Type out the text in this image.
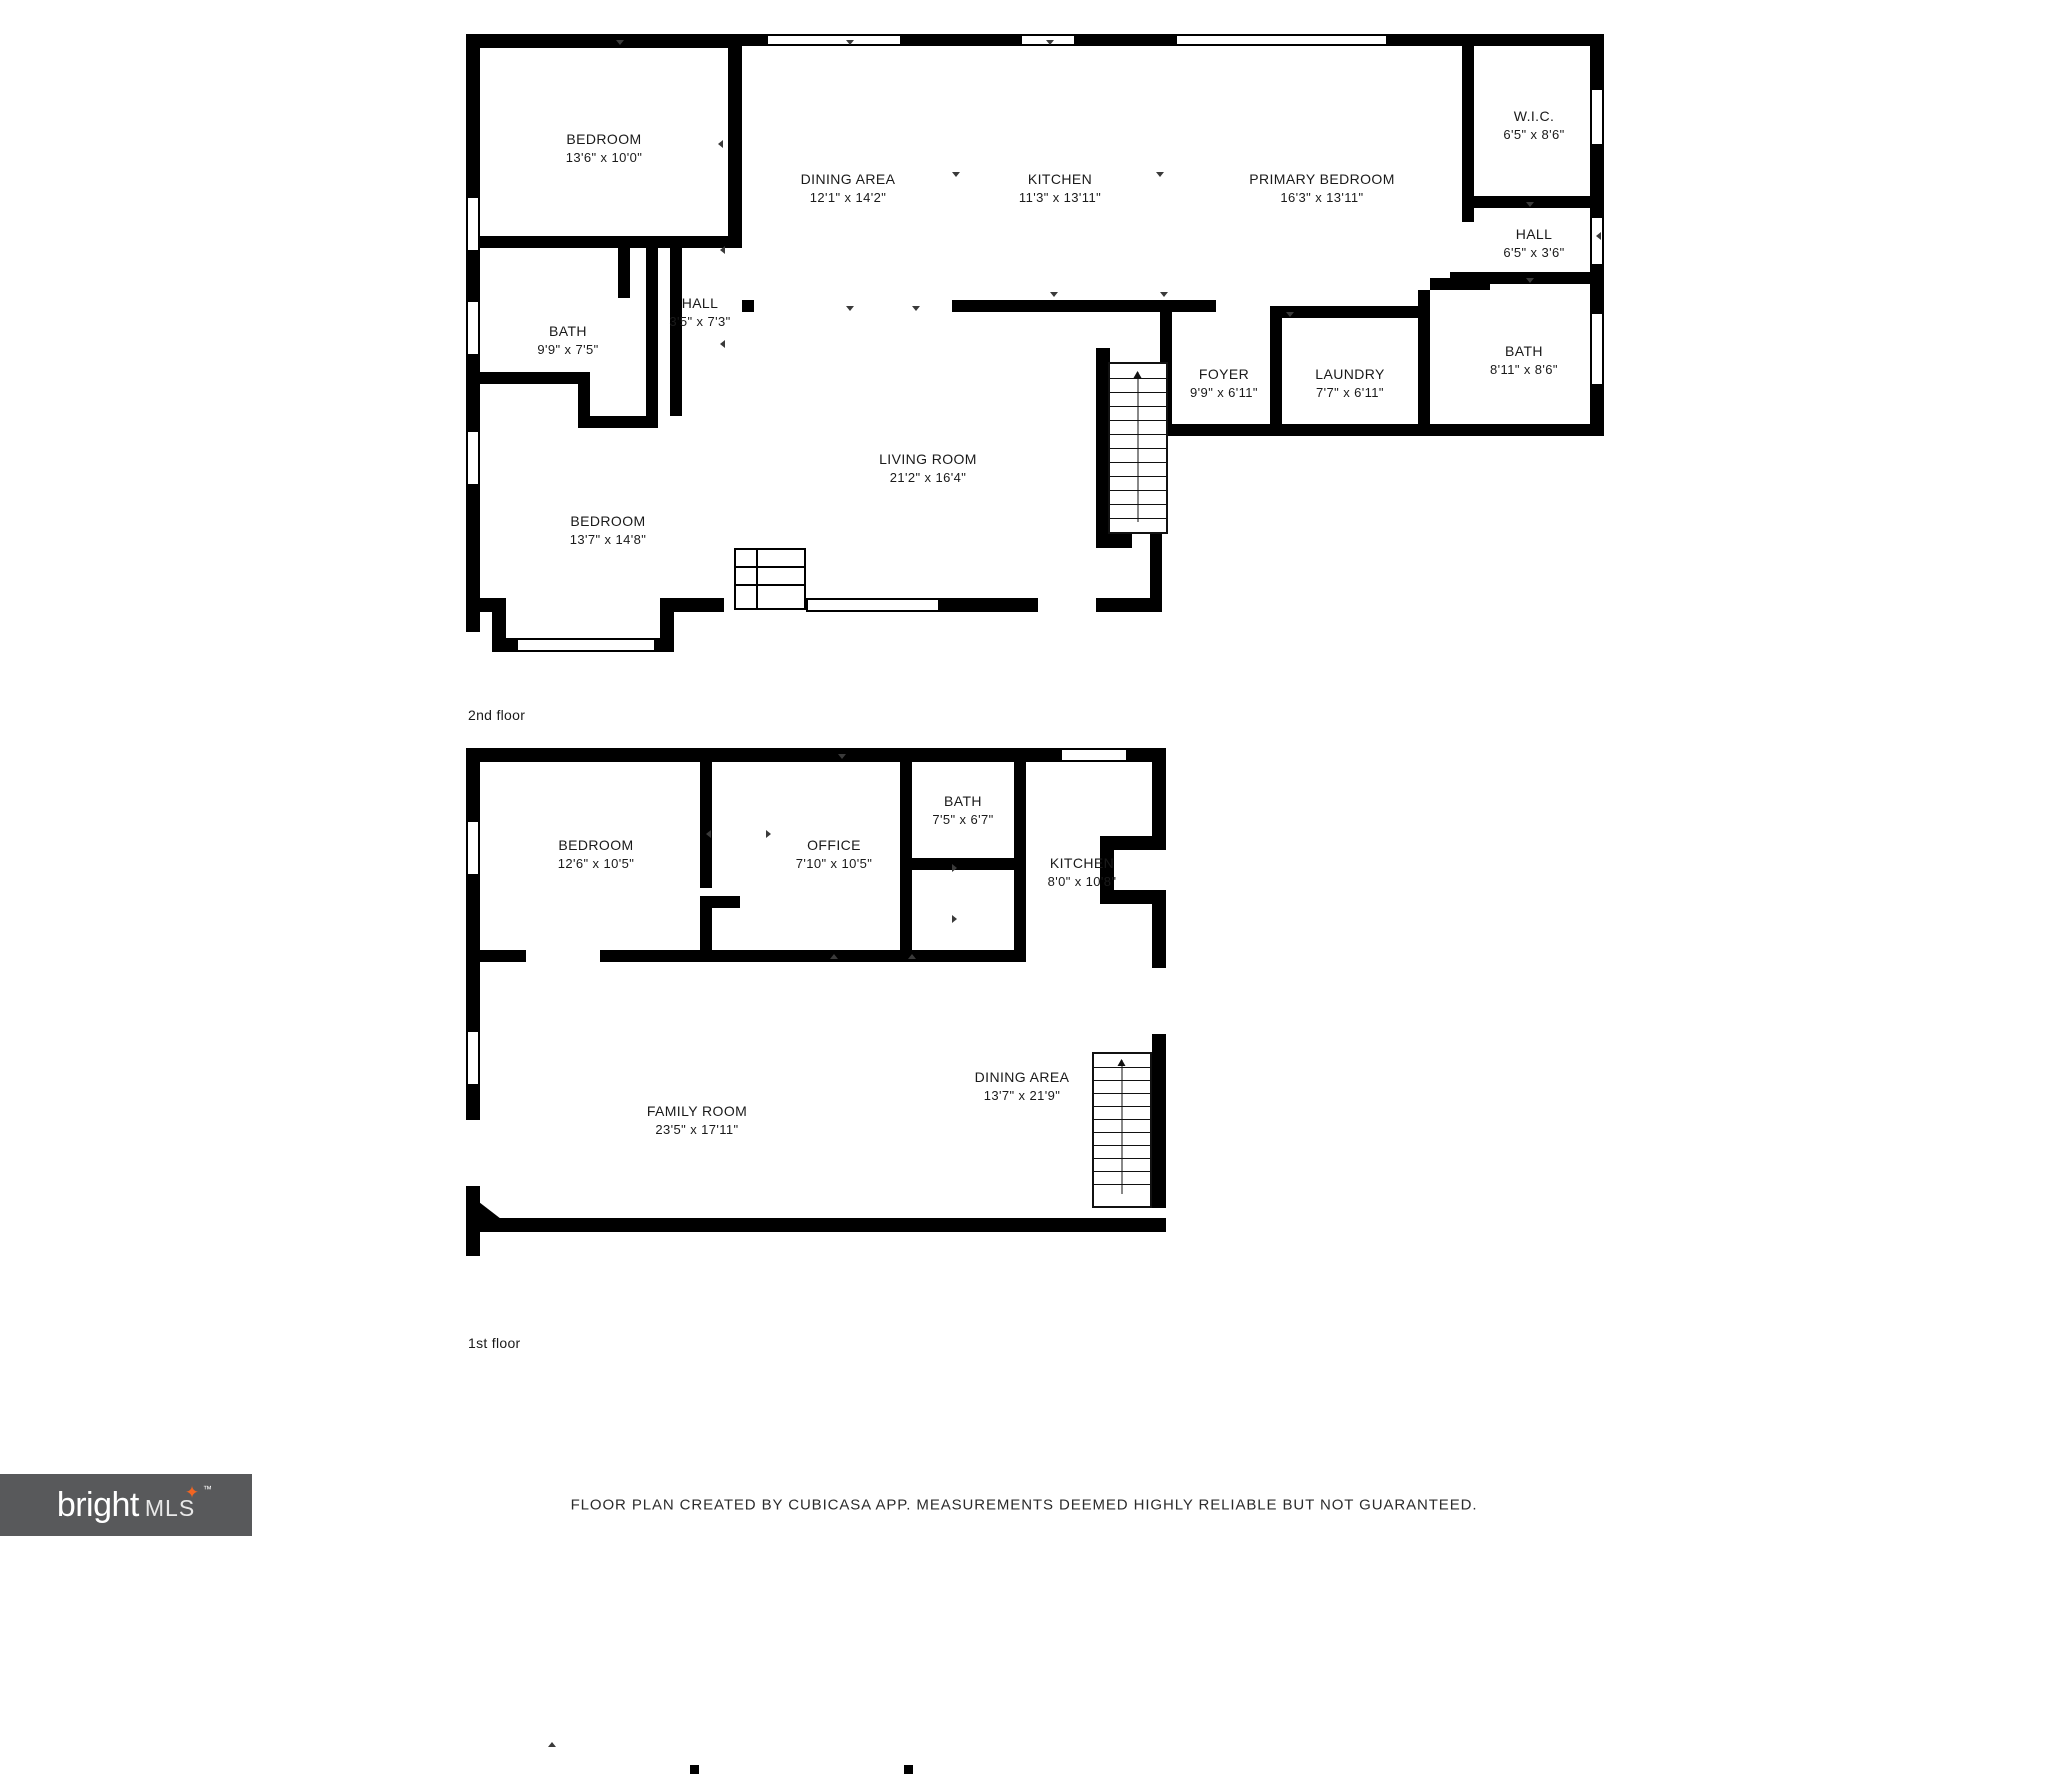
BEDROOM
13'6" x 10'0"
DINING AREA
12'1" x 14'2"
KITCHEN
11'3" x 13'11"
PRIMARY BEDROOM
16'3" x 13'11"
W.I.C.
6'5" x 8'6"
HALL
6'5" x 3'6"
HALL
3'5" x 7'3"
BATH
9'9" x 7'5"	BATH
8'11" x 8'6"
FOYER
9'9" x 6'11"
LAUNDRY
7'7" x 6'11"
LIVING ROOM
21'2" x 16'4"
BEDROOM
13'7" x 14'8"
2nd floor
BEDROOM
12'6" x 10'5"
OFFICE
7'10" x 10'5"
BATH
7'5" x 6'7"
KITCHEN
8'0" x 10'8"
DINING AREA
13'7" x 21'9"
FAMILY ROOM
23'5" x 17'11"
1st floor
FLOOR PLAN CREATED BY CUBICASA APP. MEASUREMENTS DEEMED HIGHLY RELIABLE BUT NOT GUARANTEED.
bright	✦ ™
MLS
